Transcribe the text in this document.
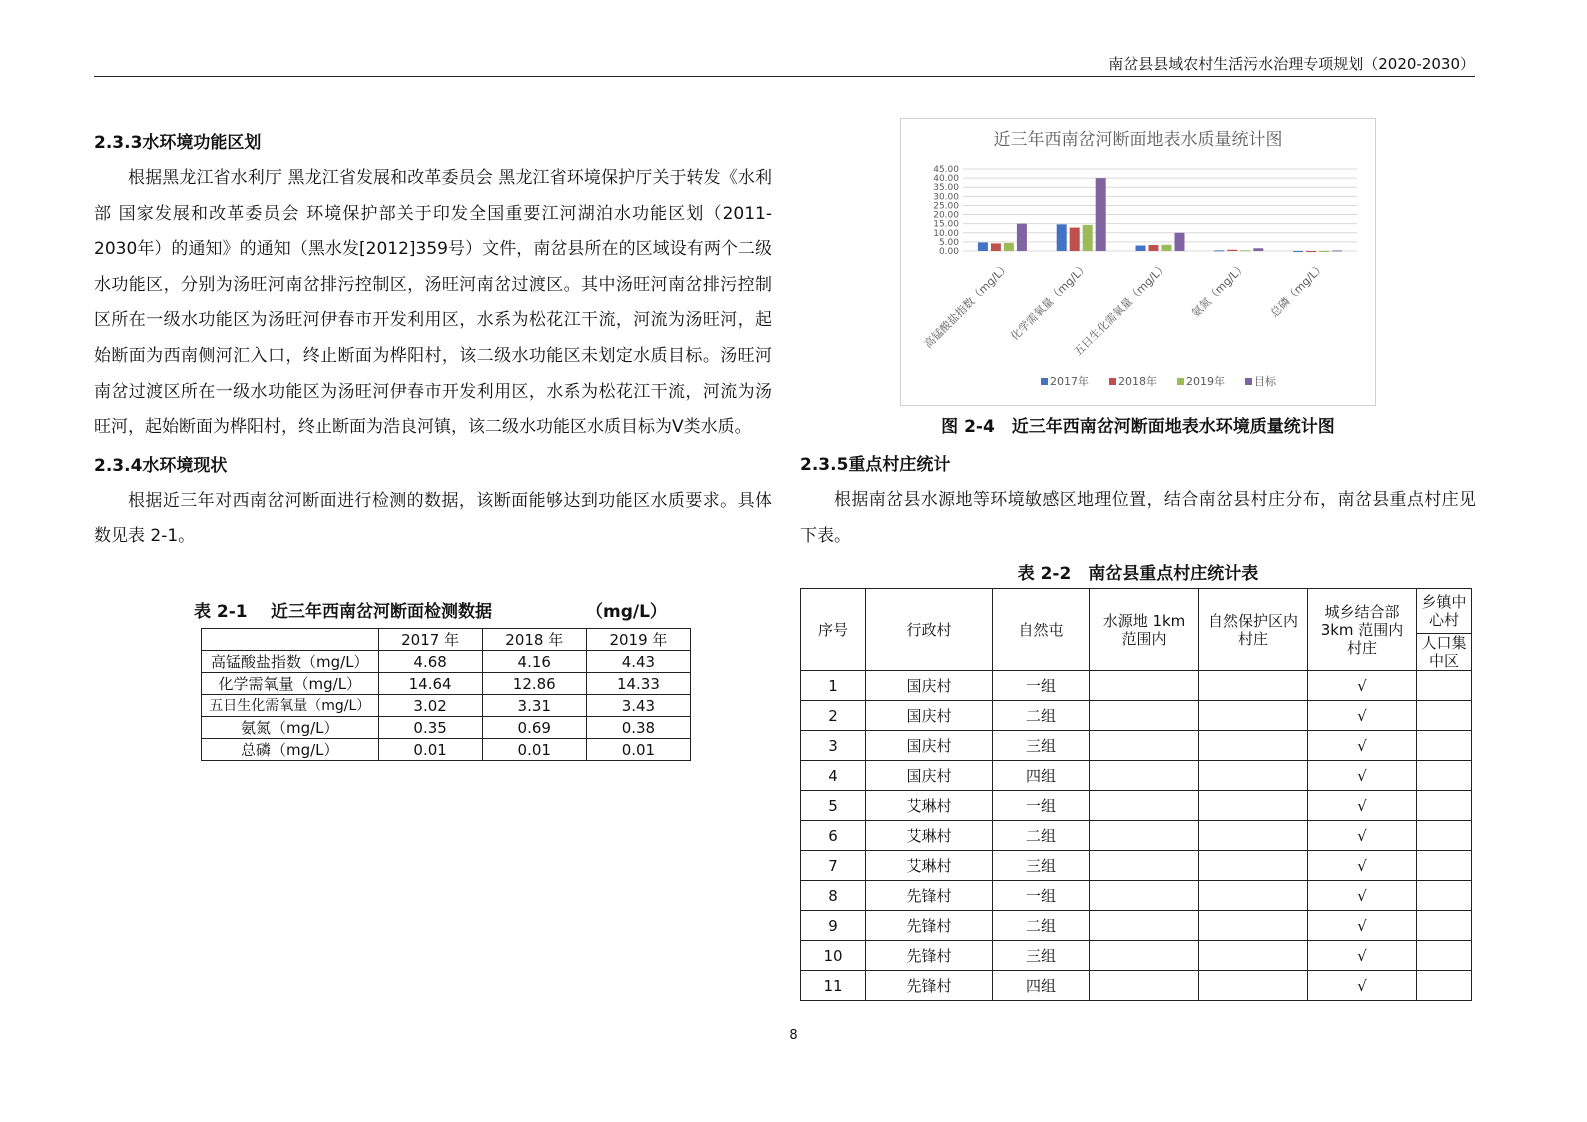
南岔县县域农村生活污水治理专项规划（2020-2030）
2.3.3水环境功能区划

根据黑龙江省水利厅 黑龙江省发展和改革委员会 黑龙江省环境保护厅关于转发《水利部 国家发展和改革委员会 环境保护部关于印发全国重要江河湖泊水功能区划（2011-2030年）的通知》的通知（黑水发[2012]359号）文件，南岔县所在的区域设有两个二级水功能区，分别为汤旺河南岔排污控制区，汤旺河南岔过渡区。其中汤旺河南岔排污控制区所在一级水功能区为汤旺河伊春市开发利用区，水系为松花江干流，河流为汤旺河，起始断面为西南侧河汇入口，终止断面为桦阳村，该二级水功能区未划定水质目标。汤旺河南岔过渡区所在一级水功能区为汤旺河伊春市开发利用区，水系为松花江干流，河流为汤旺河，起始断面为桦阳村，终止断面为浩良河镇，该二级水功能区水质目标为Ⅴ类水质。

2.3.4水环境现状

根据近三年对西南岔河断面进行检测的数据，该断面能够达到功能区水质要求。具体数见表 2-1。

表 2-1 近三年西南岔河断面检测数据	（mg/L）
	2017 年	2018 年	2019 年
高锰酸盐指数（mg/L）	4.68	4.16	4.43
化学需氧量（mg/L）	14.64	12.86	14.33
五日生化需氧量（mg/L）	3.02	3.31	3.43
氨氮（mg/L）	0.35	0.69	0.38
总磷（mg/L）	0.01	0.01	0.01
近三年西南岔河断面地表水质量统计图
0.00
5.00
10.00
15.00
20.00
25.00
30.00
35.00
40.00
45.00
高锰酸盐指数（mg/L）
化学需氧量（mg/L）
五日生化需氧量（mg/L） 氨氮（mg/L） 总磷（mg/L）
2017年	2018年	2019年	目标
图 2-4　近三年西南岔河断面地表水环境质量统计图
2.3.5重点村庄统计

根据南岔县水源地等环境敏感区地理位置，结合南岔县村庄分布，南岔县重点村庄见下表。

表 2-2　南岔县重点村庄统计表
序号	行政村	自然屯	水源地 1km 范围内	自然保护区内村庄	城乡结合部 3km 范围内村庄	乡镇中心村
						人口集中区
1	国庆村	一组			√	
2	国庆村	二组			√	
3	国庆村	三组			√	
4	国庆村	四组			√	
5	艾琳村	一组			√	
6	艾琳村	二组			√	
7	艾琳村	三组			√	
8	先锋村	一组			√	
9	先锋村	二组			√	
10	先锋村	三组			√	
11	先锋村	四组			√	
8
